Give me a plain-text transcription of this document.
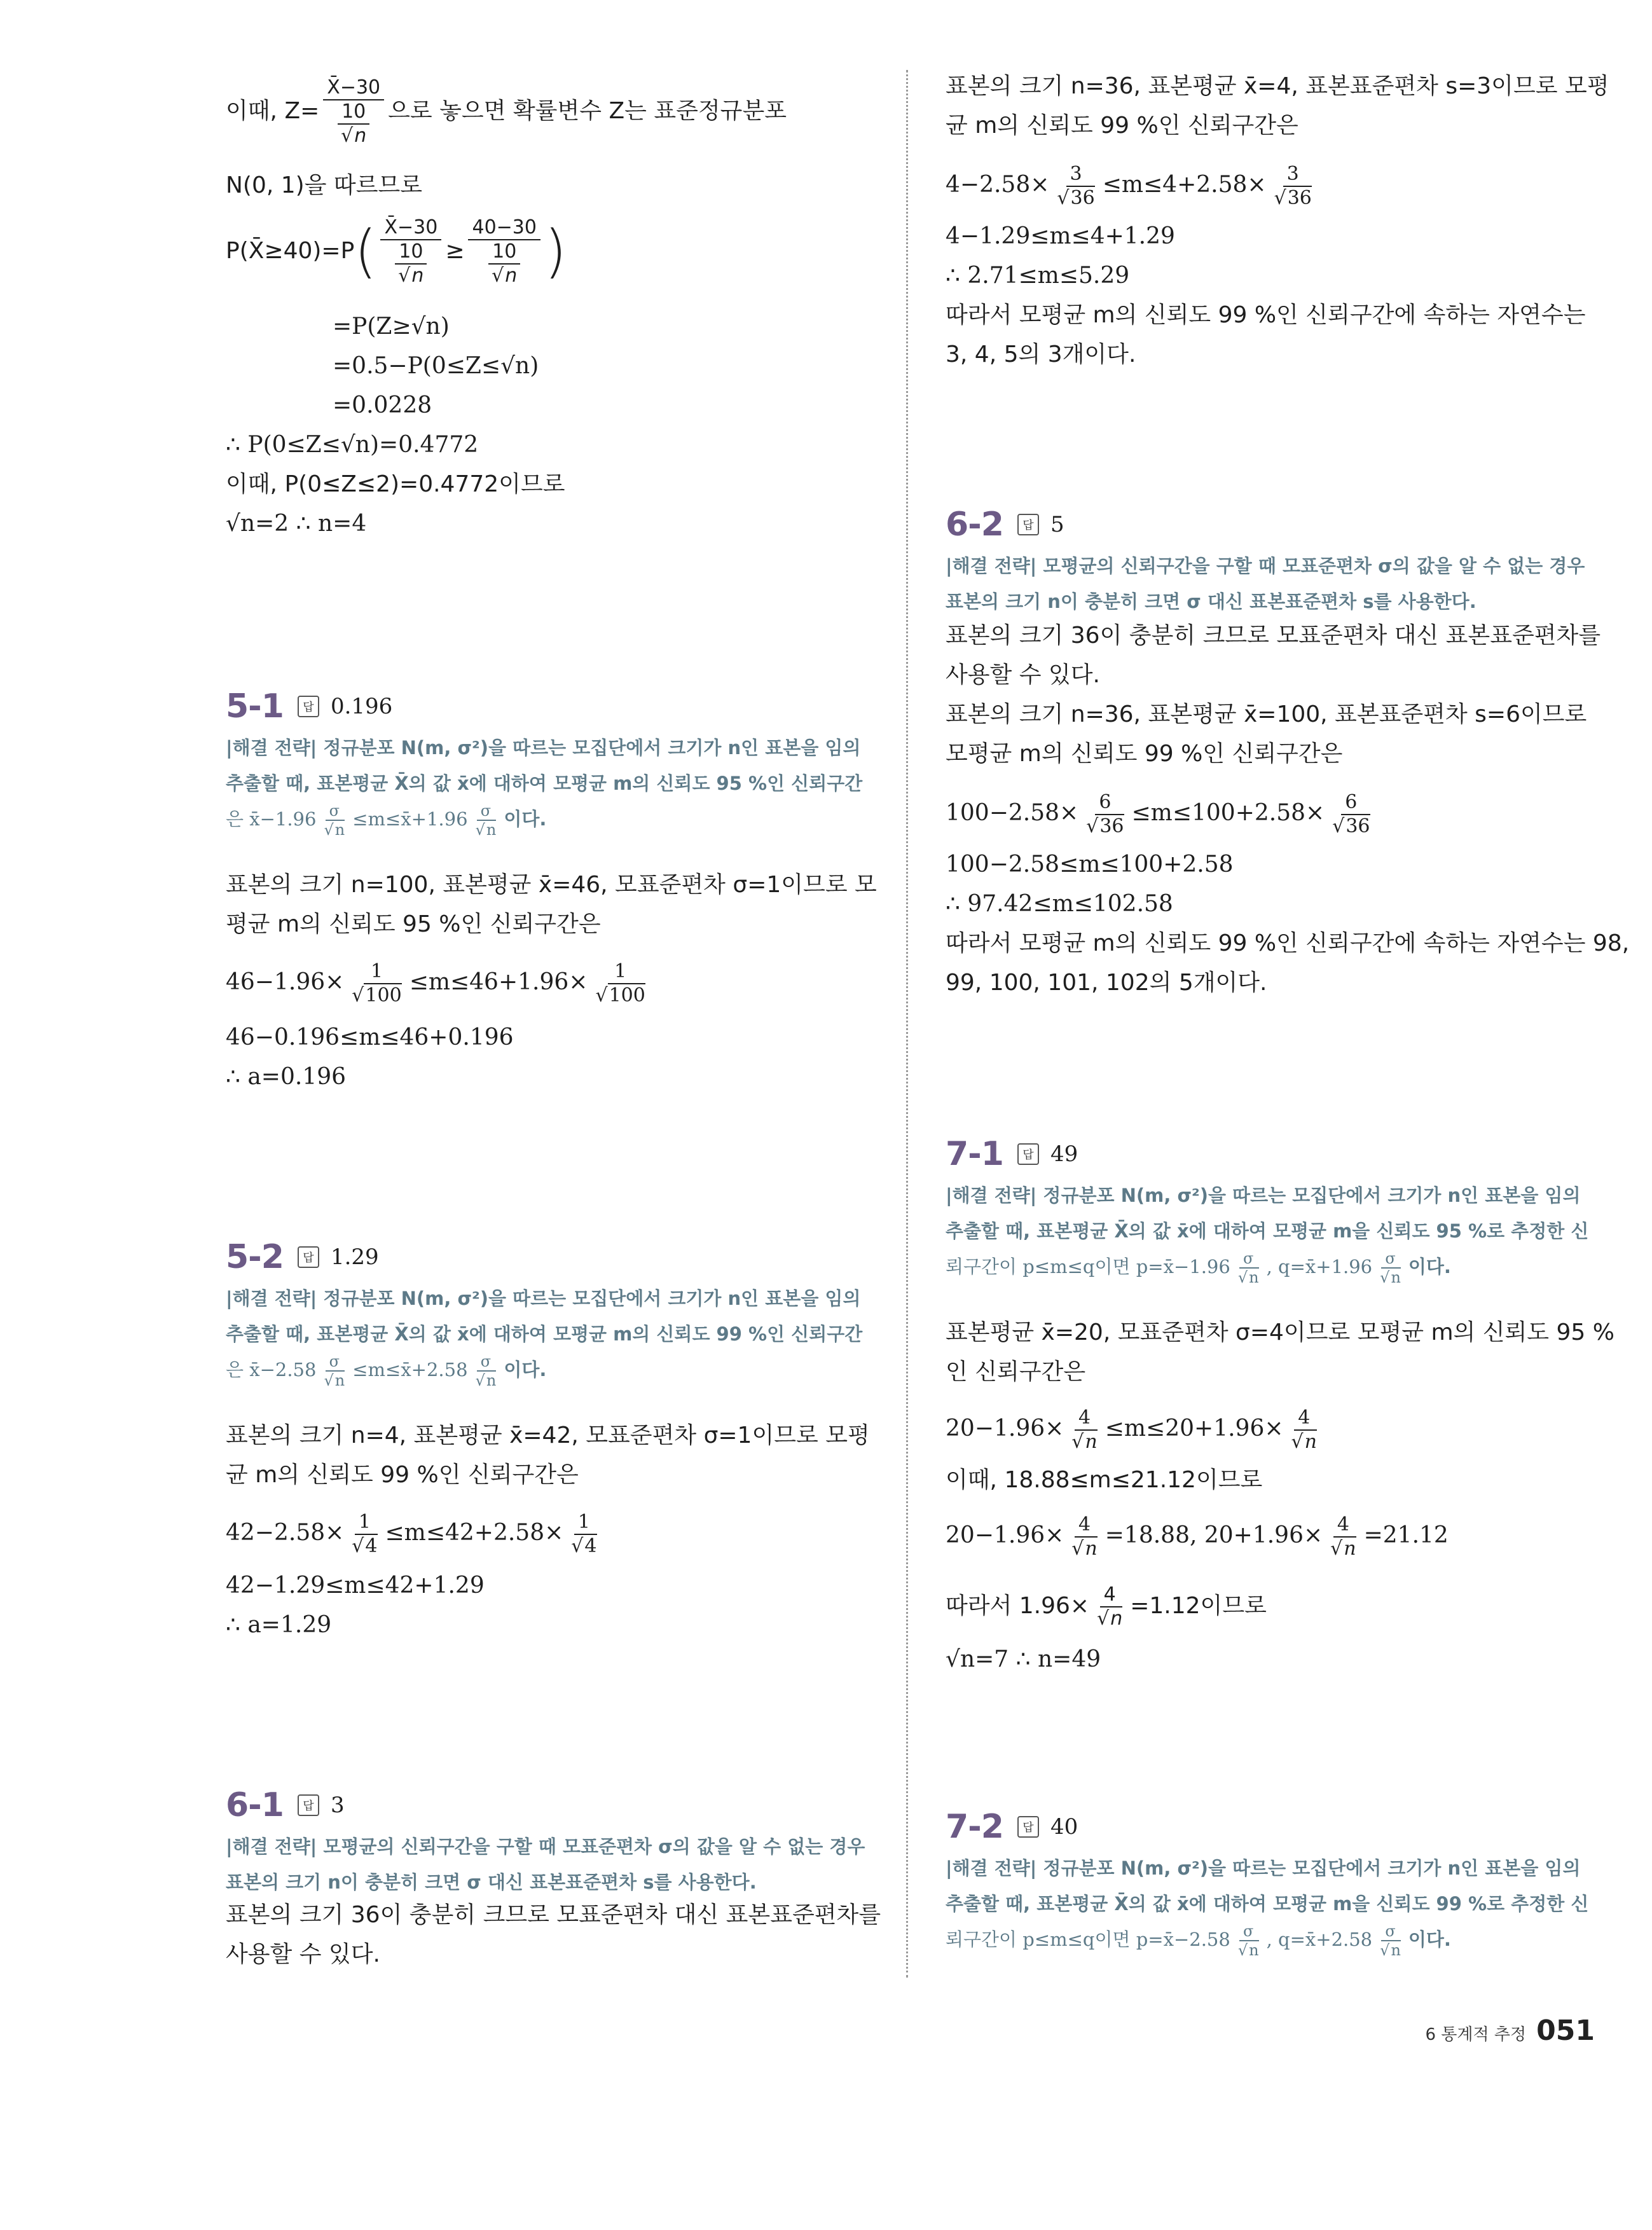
이때, $Z= \frac{X̄-30}{\frac{10}{√n}}$ 으로 놓으면 확률변수 Z는 표준정규분포
N(0, 1)을 따르므로
P(X̄≥40)=P( $\frac{X̄-30}{\frac{10}{√n}} \ge \frac{40-30}{\frac{10}{√n}}$ )
=P(Z≥√n)
=0.5−P(0≤Z≤√n)
=0.0228
∴ P(0≤Z≤√n)=0.4772
이때, P(0≤Z≤2)=0.4772이므로
√n=2 ∴ n=4
5-1	답 0.196
|해결 전략| 정규분포 N(m, σ²)을 따르는 모집단에서 크기가 n인 표본을 임의
추출할 때, 표본평균 X̄의 값 x̄에 대하여 모평균 m의 신뢰도 95 %인 신뢰구간
은 x̄−1.96 $\frac{\sigma}{√n}$ ≤m≤x̄+1.96 $\frac{\sigma}{√n}$ 이다.
표본의 크기 n=100, 표본평균 x̄=46, 모표준편차 σ=1이므로 모
평균 m의 신뢰도 95 %인 신뢰구간은
$46-1.96\times \frac{1}{√100} \le m\le 46+1.96\times \frac{1}{√100}$
46−0.196≤m≤46+0.196
∴ a=0.196
5-2	답 1.29
|해결 전략| 정규분포 N(m, σ²)을 따르는 모집단에서 크기가 n인 표본을 임의
추출할 때, 표본평균 X̄의 값 x̄에 대하여 모평균 m의 신뢰도 99 %인 신뢰구간
은 x̄−2.58 $\frac{\sigma}{√n}$ ≤m≤x̄+2.58 $\frac{\sigma}{√n}$ 이다.
표본의 크기 n=4, 표본평균 x̄=42, 모표준편차 σ=1이므로 모평
균 m의 신뢰도 99 %인 신뢰구간은
$42-2.58\times \frac{1}{√4} \le m\le 42+2.58\times \frac{1}{√4}$
42−1.29≤m≤42+1.29
∴ a=1.29
6-1	답 3
|해결 전략| 모평균의 신뢰구간을 구할 때 모표준편차 σ의 값을 알 수 없는 경우
표본의 크기 n이 충분히 크면 σ 대신 표본표준편차 s를 사용한다.
표본의 크기 36이 충분히 크므로 모표준편차 대신 표본표준편차를
사용할 수 있다.
표본의 크기 n=36, 표본평균 x̄=4, 표본표준편차 s=3이므로 모평
균 m의 신뢰도 99 %인 신뢰구간은
$4-2.58\times \frac{3}{√36} \le m\le 4+2.58\times \frac{3}{√36}$
4−1.29≤m≤4+1.29
∴ 2.71≤m≤5.29
따라서 모평균 m의 신뢰도 99 %인 신뢰구간에 속하는 자연수는
3, 4, 5의 3개이다.
6-2	답 5
|해결 전략| 모평균의 신뢰구간을 구할 때 모표준편차 σ의 값을 알 수 없는 경우
표본의 크기 n이 충분히 크면 σ 대신 표본표준편차 s를 사용한다.
표본의 크기 36이 충분히 크므로 모표준편차 대신 표본표준편차를
사용할 수 있다.
표본의 크기 n=36, 표본평균 x̄=100, 표본표준편차 s=6이므로
모평균 m의 신뢰도 99 %인 신뢰구간은
$100-2.58\times \frac{6}{√36} \le m\le 100+2.58\times \frac{6}{√36}$
100−2.58≤m≤100+2.58
∴ 97.42≤m≤102.58
따라서 모평균 m의 신뢰도 99 %인 신뢰구간에 속하는 자연수는 98,
99, 100, 101, 102의 5개이다.
7-1	답 49
|해결 전략| 정규분포 N(m, σ²)을 따르는 모집단에서 크기가 n인 표본을 임의
추출할 때, 표본평균 X̄의 값 x̄에 대하여 모평균 m을 신뢰도 95 %로 추정한 신
뢰구간이 p≤m≤q이면 p=x̄−1.96 $\frac{\sigma}{√n}$ , q=x̄+1.96 $\frac{\sigma}{√n}$ 이다.
표본평균 x̄=20, 모표준편차 σ=4이므로 모평균 m의 신뢰도 95 %
인 신뢰구간은
$20-1.96\times \frac{4}{√n} \le m\le 20+1.96\times \frac{4}{√n}$
이때, 18.88≤m≤21.12이므로
$20-1.96\times \frac{4}{√n} =18.88$, $20+1.96\times \frac{4}{√n} =21.12$
따라서 $1.96\times \frac{4}{√n} =1.12$이므로
√n=7 ∴ n=49
7-2	답 40
|해결 전략| 정규분포 N(m, σ²)을 따르는 모집단에서 크기가 n인 표본을 임의
추출할 때, 표본평균 X̄의 값 x̄에 대하여 모평균 m을 신뢰도 99 %로 추정한 신
뢰구간이 p≤m≤q이면 p=x̄−2.58 $\frac{\sigma}{√n}$ , q=x̄+2.58 $\frac{\sigma}{√n}$ 이다.
6 통계적 추정 051
